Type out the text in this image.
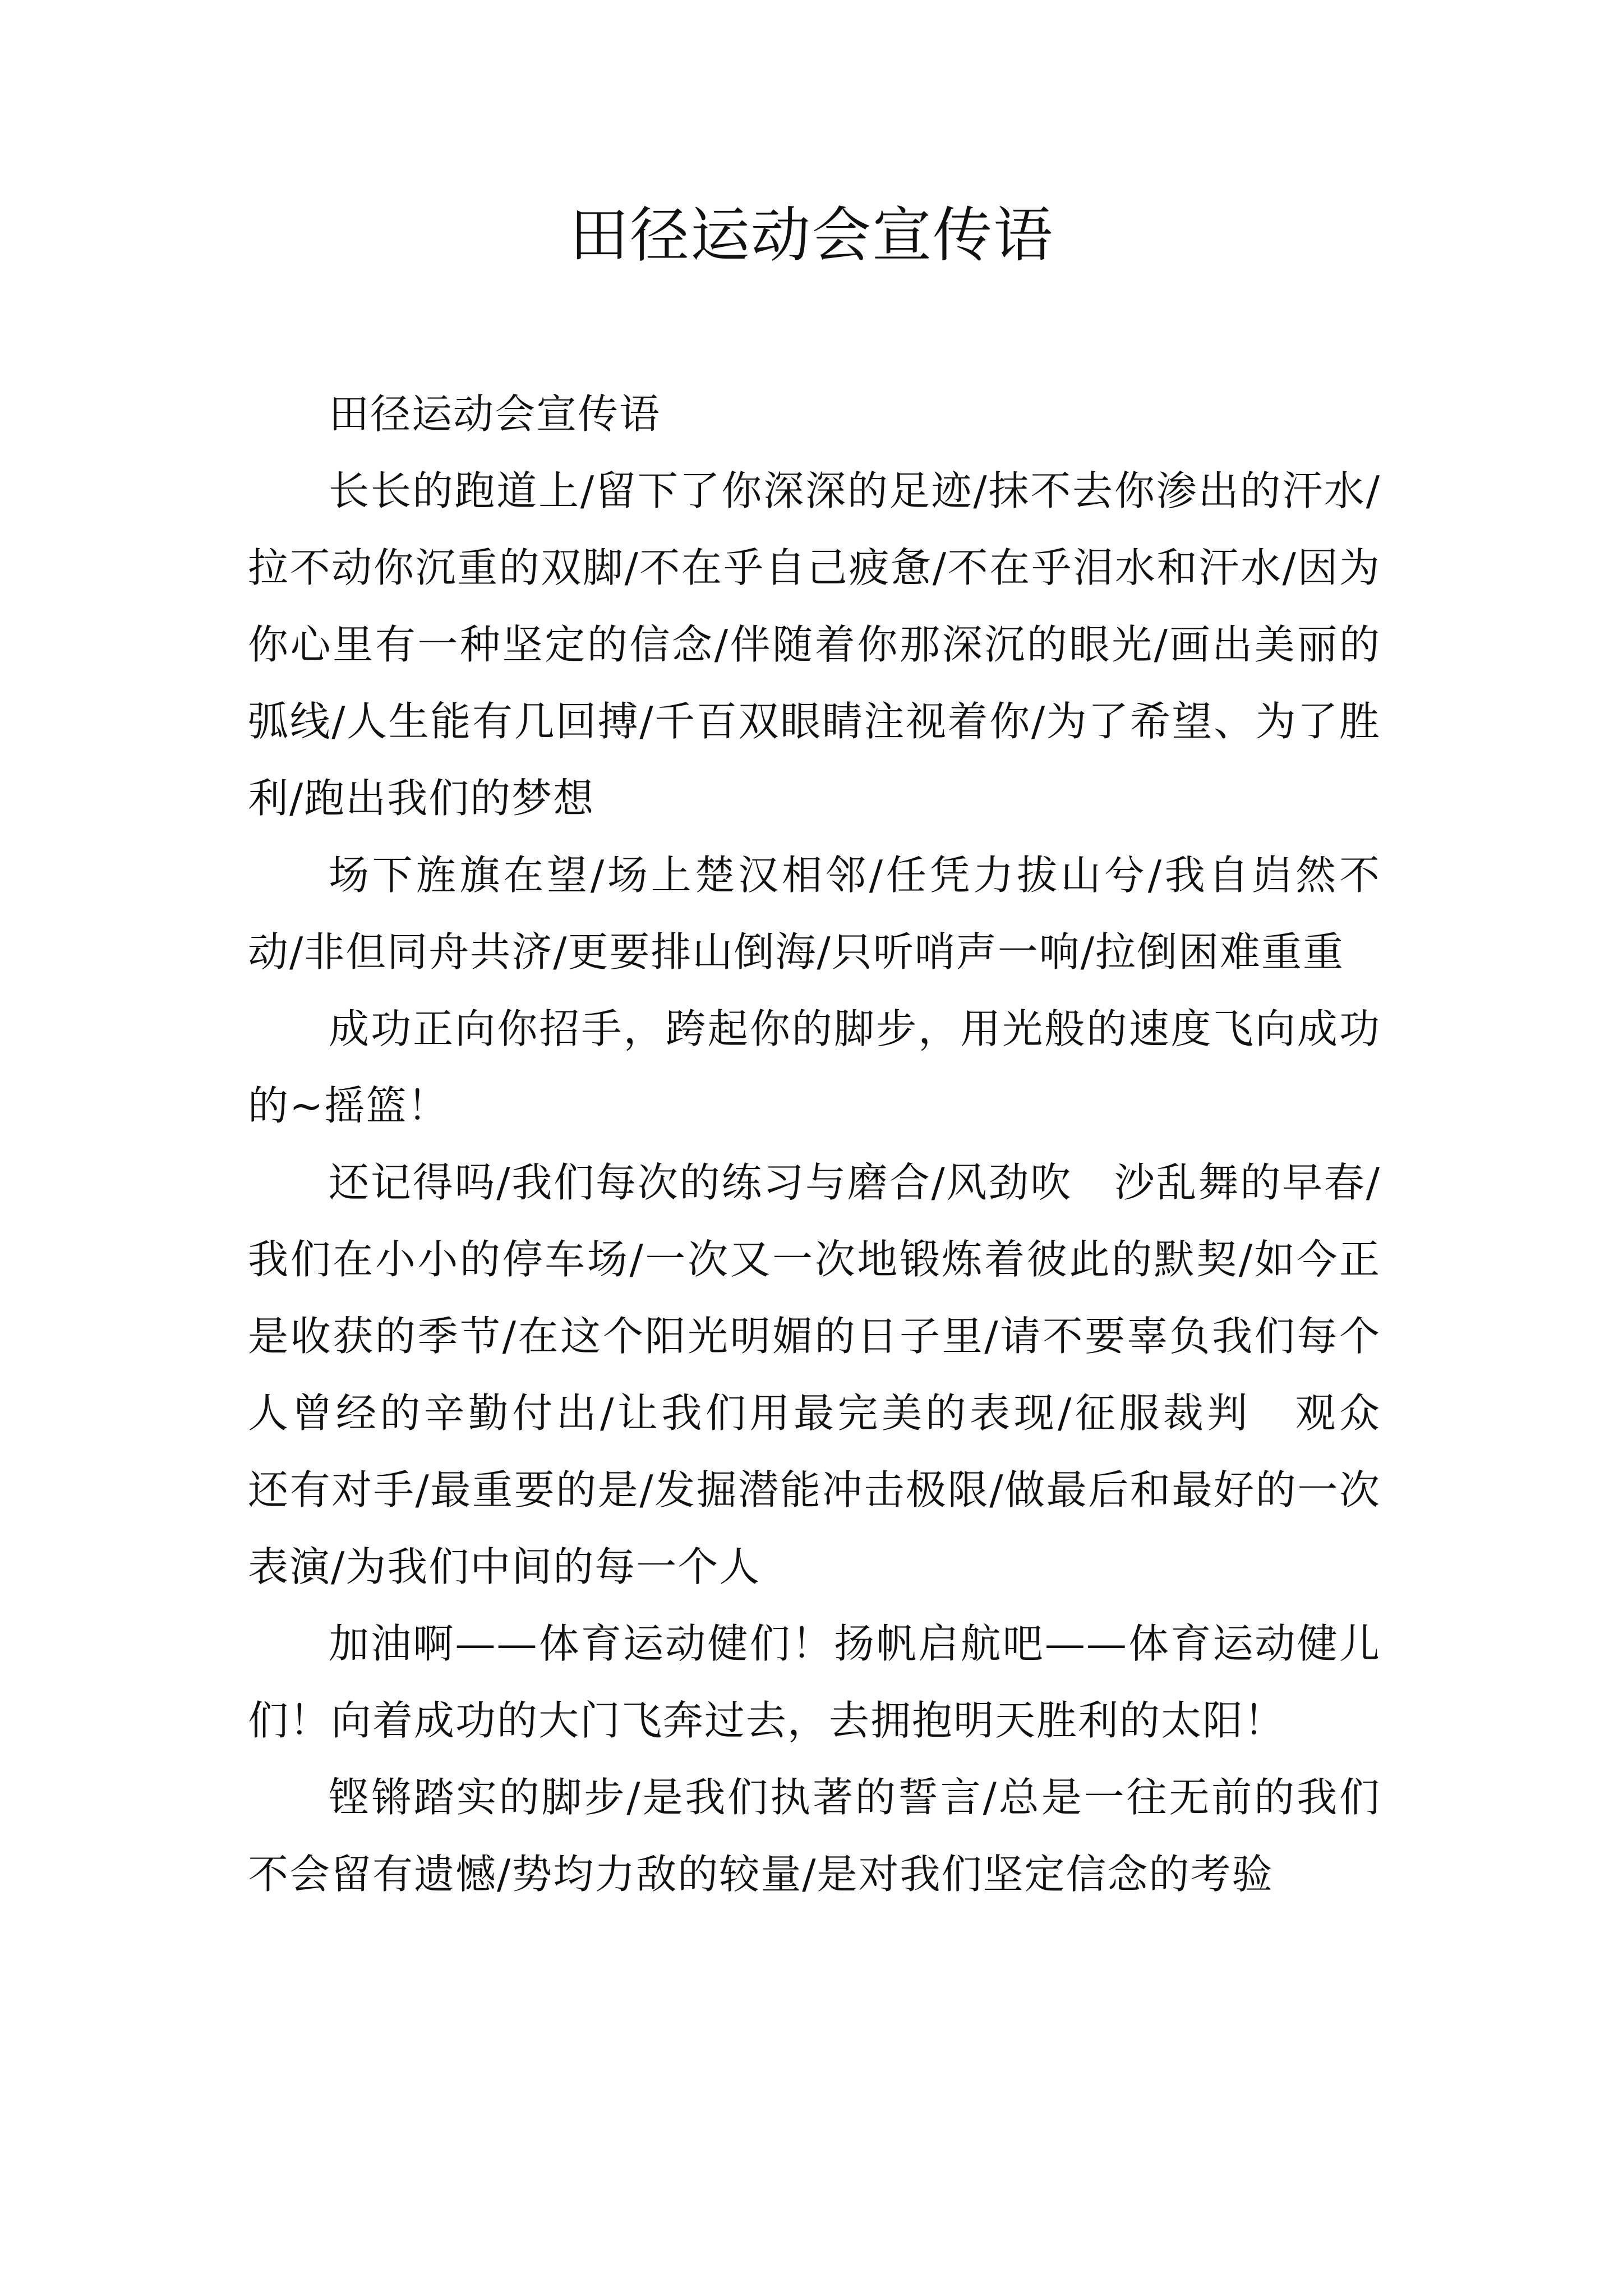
田径运动会宣传语

田径运动会宣传语

长长的跑道上/留下了你深深的足迹/抹不去你渗出的汗水/拉不动你沉重的双脚/不在乎自己疲惫/不在乎泪水和汗水/因为你心里有一种坚定的信念/伴随着你那深沉的眼光/画出美丽的弧线/人生能有几回搏/千百双眼睛注视着你/为了希望、为了胜利/跑出我们的梦想

场下旌旗在望/场上楚汉相邻/任凭力拔山兮/我自岿然不动/非但同舟共济/更要排山倒海/只听哨声一响/拉倒困难重重

成功正向你招手，跨起你的脚步，用光般的速度飞向成功的~摇篮！

还记得吗/我们每次的练习与磨合/风劲吹　沙乱舞的早春/我们在小小的停车场/一次又一次地锻炼着彼此的默契/如今正是收获的季节/在这个阳光明媚的日子里/请不要辜负我们每个人曾经的辛勤付出/让我们用最完美的表现/征服裁判　观众　还有对手/最重要的是/发掘潜能冲击极限/做最后和最好的一次表演/为我们中间的每一个人

加油啊——体育运动健们！扬帆启航吧——体育运动健儿们！向着成功的大门飞奔过去，去拥抱明天胜利的太阳！

铿锵踏实的脚步/是我们执著的誓言/总是一往无前的我们不会留有遗憾/势均力敌的较量/是对我们坚定信念的考验
